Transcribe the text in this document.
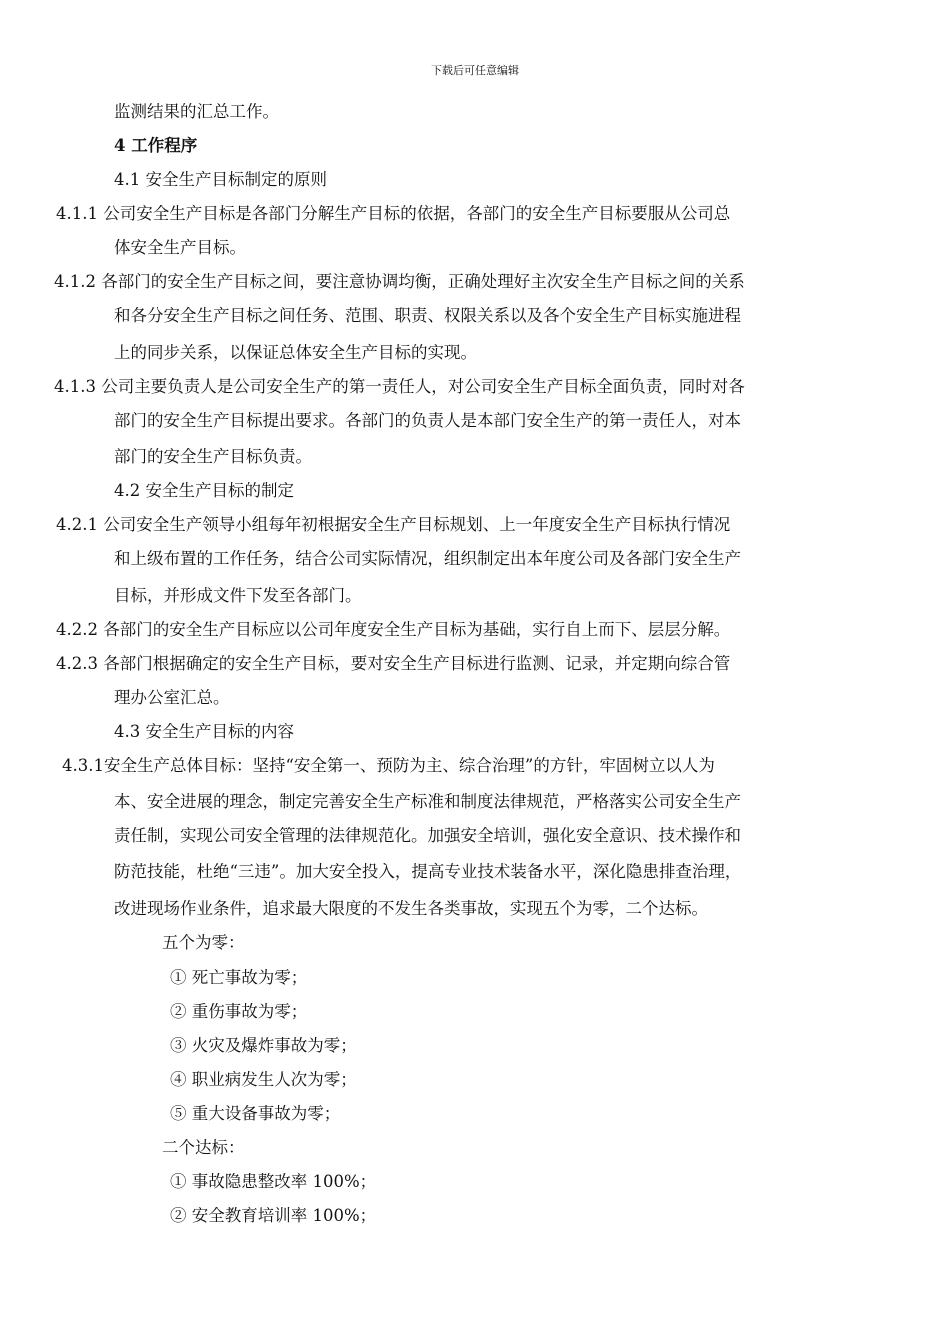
下载后可任意编辑
监测结果的汇总工作。
4 工作程序
4.1 安全生产目标制定的原则
4.1.1 公司安全生产目标是各部门分解生产目标的依据，各部门的安全生产目标要服从公司总
体安全生产目标。
4.1.2 各部门的安全生产目标之间，要注意协调均衡，正确处理好主次安全生产目标之间的关系
和各分安全生产目标之间任务、范围、职责、权限关系以及各个安全生产目标实施进程
上的同步关系，以保证总体安全生产目标的实现。
4.1.3 公司主要负责人是公司安全生产的第一责任人，对公司安全生产目标全面负责，同时对各
部门的安全生产目标提出要求。各部门的负责人是本部门安全生产的第一责任人，对本
部门的安全生产目标负责。
4.2 安全生产目标的制定
4.2.1 公司安全生产领导小组每年初根据安全生产目标规划、上一年度安全生产目标执行情况
和上级布置的工作任务，结合公司实际情况，组织制定出本年度公司及各部门安全生产
目标，并形成文件下发至各部门。
4.2.2 各部门的安全生产目标应以公司年度安全生产目标为基础，实行自上而下、层层分解。
4.2.3 各部门根据确定的安全生产目标，要对安全生产目标进行监测、记录，并定期向综合管
理办公室汇总。
4.3 安全生产目标的内容
4.3.1安全生产总体目标：坚持“安全第一、预防为主、综合治理”的方针，牢固树立以人为
本、安全进展的理念，制定完善安全生产标准和制度法律规范，严格落实公司安全生产
责任制，实现公司安全管理的法律规范化。加强安全培训，强化安全意识、技术操作和
防范技能，杜绝“三违”。加大安全投入，提高专业技术装备水平，深化隐患排查治理，
改进现场作业条件，追求最大限度的不发生各类事故，实现五个为零，二个达标。
五个为零：
① 死亡事故为零；
② 重伤事故为零；
③ 火灾及爆炸事故为零；
④ 职业病发生人次为零；
⑤ 重大设备事故为零；
二个达标：
① 事故隐患整改率 100%；
② 安全教育培训率 100%；
